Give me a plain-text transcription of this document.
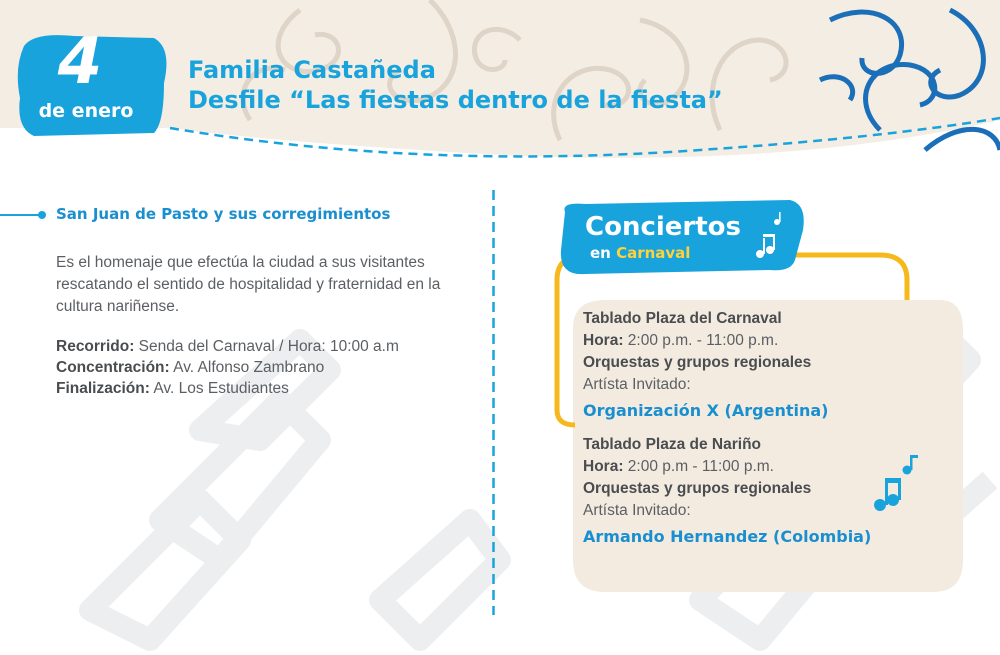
4
de enero
Familia Castañeda
Desfile “Las fiestas dentro de la fiesta”
San Juan de Pasto y sus corregimientos
Es el homenaje que efectúa la ciudad a sus visitantes rescatando el sentido de hospitalidad y fraternidad en la cultura nariñense.
Recorrido: Senda del Carnaval / Hora: 10:00 a.m
Concentración: Av. Alfonso Zambrano
Finalización: Av. Los Estudiantes
Conciertos
en Carnaval
Tablado Plaza del Carnaval
Hora: 2:00 p.m. - 11:00 p.m.
Orquestas y grupos regionales
Artísta Invitado:
Organización X (Argentina)
Tablado Plaza de Nariño
Hora: 2:00 p.m - 11:00 p.m.
Orquestas y grupos regionales
Artísta Invitado:
Armando Hernandez (Colombia)
